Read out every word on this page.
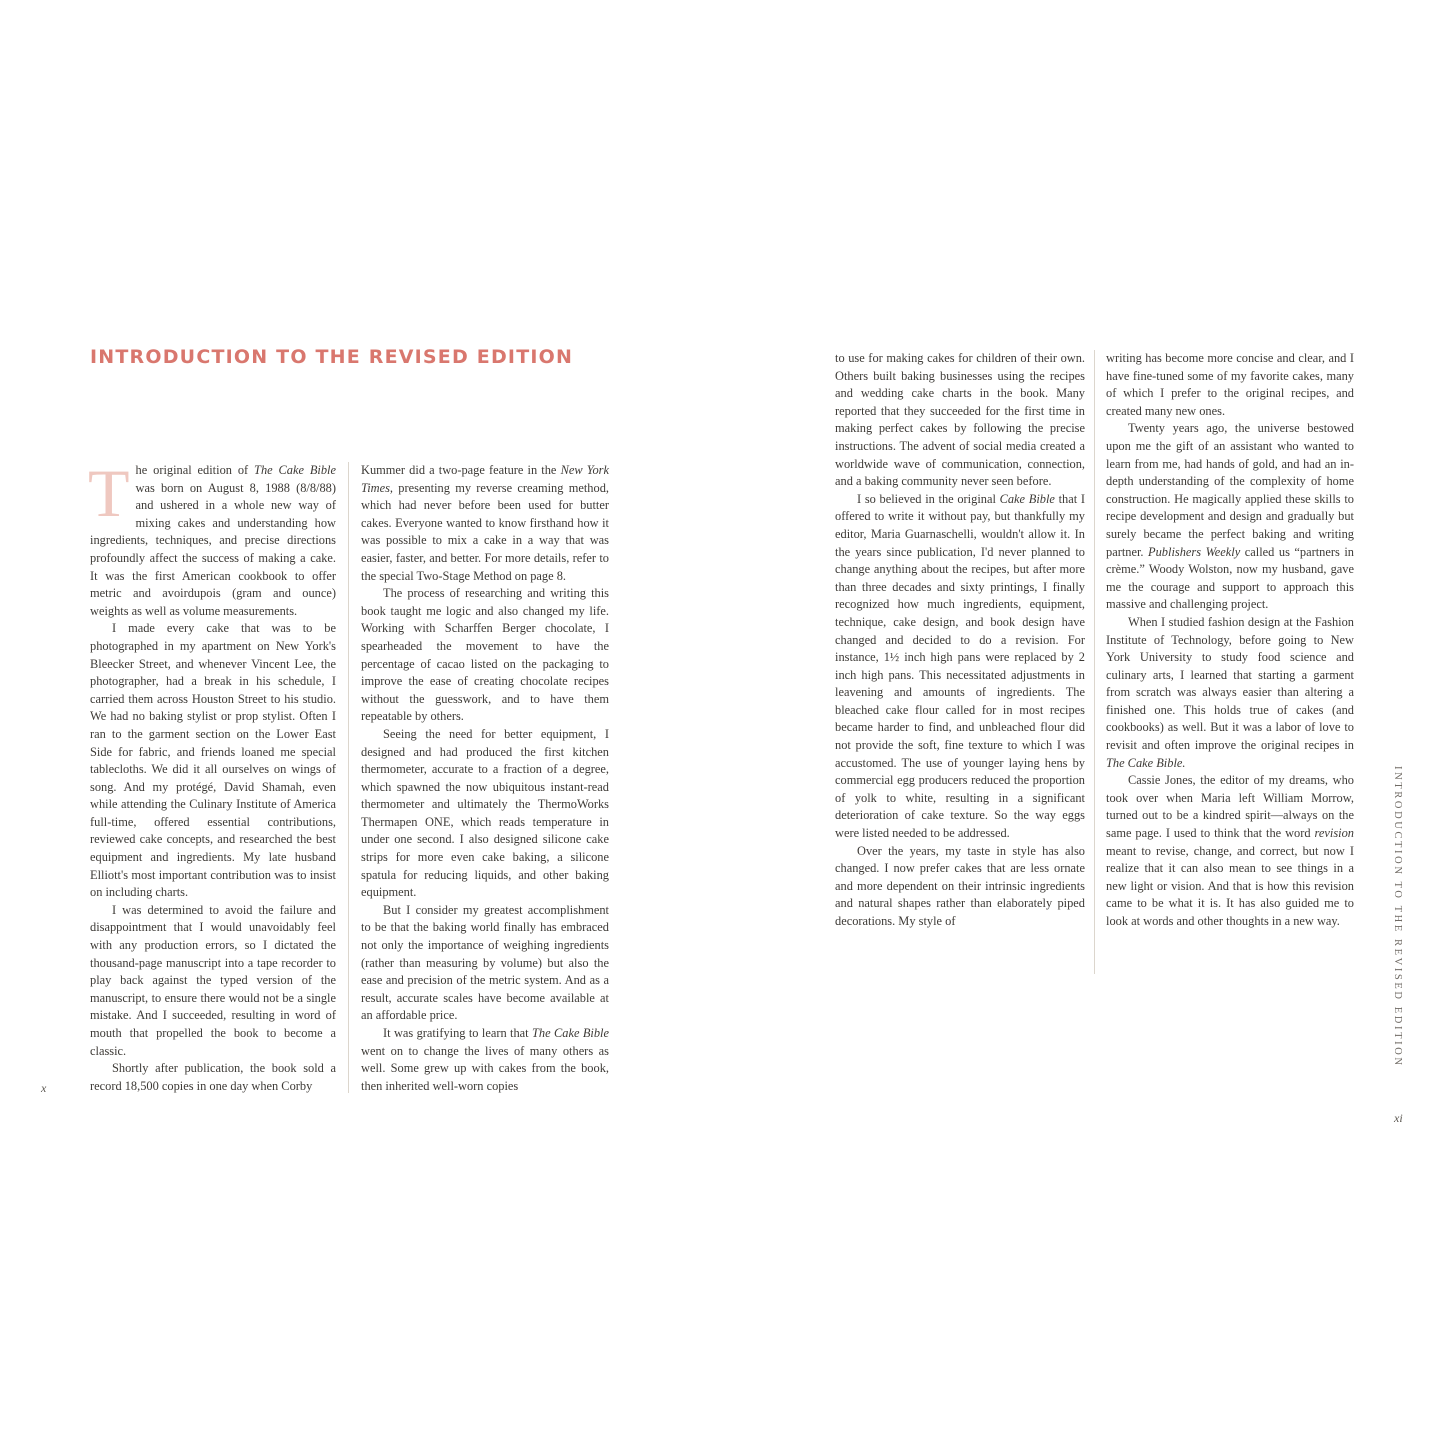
INTRODUCTION TO THE REVISED EDITION

The original edition of The Cake Bible was born on August 8, 1988 (8/8/88) and ushered in a whole new way of mixing cakes and understanding how ingredients, techniques, and precise directions profoundly affect the success of making a cake. It was the first American cookbook to offer metric and avoirdupois (gram and ounce) weights as well as volume measurements.

I made every cake that was to be photographed in my apartment on New York's Bleecker Street, and whenever Vincent Lee, the photographer, had a break in his schedule, I carried them across Houston Street to his studio. We had no baking stylist or prop stylist. Often I ran to the garment section on the Lower East Side for fabric, and friends loaned me special tablecloths. We did it all ourselves on wings of song. And my protégé, David Shamah, even while attending the Culinary Institute of America full-time, offered essential contributions, reviewed cake concepts, and researched the best equipment and ingredients. My late husband Elliott's most important contribution was to insist on including charts.

I was determined to avoid the failure and disappointment that I would unavoidably feel with any production errors, so I dictated the thousand-page manuscript into a tape recorder to play back against the typed version of the manuscript, to ensure there would not be a single mistake. And I succeeded, resulting in word of mouth that propelled the book to become a classic.

Shortly after publication, the book sold a record 18,500 copies in one day when Corby

Kummer did a two-page feature in the New York Times, presenting my reverse creaming method, which had never before been used for butter cakes. Everyone wanted to know firsthand how it was possible to mix a cake in a way that was easier, faster, and better. For more details, refer to the special Two-Stage Method on page 8.

The process of researching and writing this book taught me logic and also changed my life. Working with Scharffen Berger chocolate, I spearheaded the movement to have the percentage of cacao listed on the packaging to improve the ease of creating chocolate recipes without the guesswork, and to have them repeatable by others.

Seeing the need for better equipment, I designed and had produced the first kitchen thermometer, accurate to a fraction of a degree, which spawned the now ubiquitous instant-read thermometer and ultimately the ThermoWorks Thermapen ONE, which reads temperature in under one second. I also designed silicone cake strips for more even cake baking, a silicone spatula for reducing liquids, and other baking equipment.

But I consider my greatest accomplishment to be that the baking world finally has embraced not only the importance of weighing ingredients (rather than measuring by volume) but also the ease and precision of the metric system. And as a result, accurate scales have become available at an affordable price.

It was gratifying to learn that The Cake Bible went on to change the lives of many others as well. Some grew up with cakes from the book, then inherited well-worn copies

x

to use for making cakes for children of their own. Others built baking businesses using the recipes and wedding cake charts in the book. Many reported that they succeeded for the first time in making perfect cakes by following the precise instructions. The advent of social media created a worldwide wave of communication, connection, and a baking community never seen before.

I so believed in the original Cake Bible that I offered to write it without pay, but thankfully my editor, Maria Guarnaschelli, wouldn't allow it. In the years since publication, I'd never planned to change anything about the recipes, but after more than three decades and sixty printings, I finally recognized how much ingredients, equipment, technique, cake design, and book design have changed and decided to do a revision. For instance, 1½ inch high pans were replaced by 2 inch high pans. This necessitated adjustments in leavening and amounts of ingredients. The bleached cake flour called for in most recipes became harder to find, and unbleached flour did not provide the soft, fine texture to which I was accustomed. The use of younger laying hens by commercial egg producers reduced the proportion of yolk to white, resulting in a significant deterioration of cake texture. So the way eggs were listed needed to be addressed.

Over the years, my taste in style has also changed. I now prefer cakes that are less ornate and more dependent on their intrinsic ingredients and natural shapes rather than elaborately piped decorations. My style of

writing has become more concise and clear, and I have fine-tuned some of my favorite cakes, many of which I prefer to the original recipes, and created many new ones.

Twenty years ago, the universe bestowed upon me the gift of an assistant who wanted to learn from me, had hands of gold, and had an in-depth understanding of the complexity of home construction. He magically applied these skills to recipe development and design and gradually but surely became the perfect baking and writing partner. Publishers Weekly called us “partners in crème.” Woody Wolston, now my husband, gave me the courage and support to approach this massive and challenging project.

When I studied fashion design at the Fashion Institute of Technology, before going to New York University to study food science and culinary arts, I learned that starting a garment from scratch was always easier than altering a finished one. This holds true of cakes (and cookbooks) as well. But it was a labor of love to revisit and often improve the original recipes in The Cake Bible.

Cassie Jones, the editor of my dreams, who took over when Maria left William Morrow, turned out to be a kindred spirit—always on the same page. I used to think that the word revision meant to revise, change, and correct, but now I realize that it can also mean to see things in a new light or vision. And that is how this revision came to be what it is. It has also guided me to look at words and other thoughts in a new way.	INTRODUCTION TO THE REVISED EDITION
xi
